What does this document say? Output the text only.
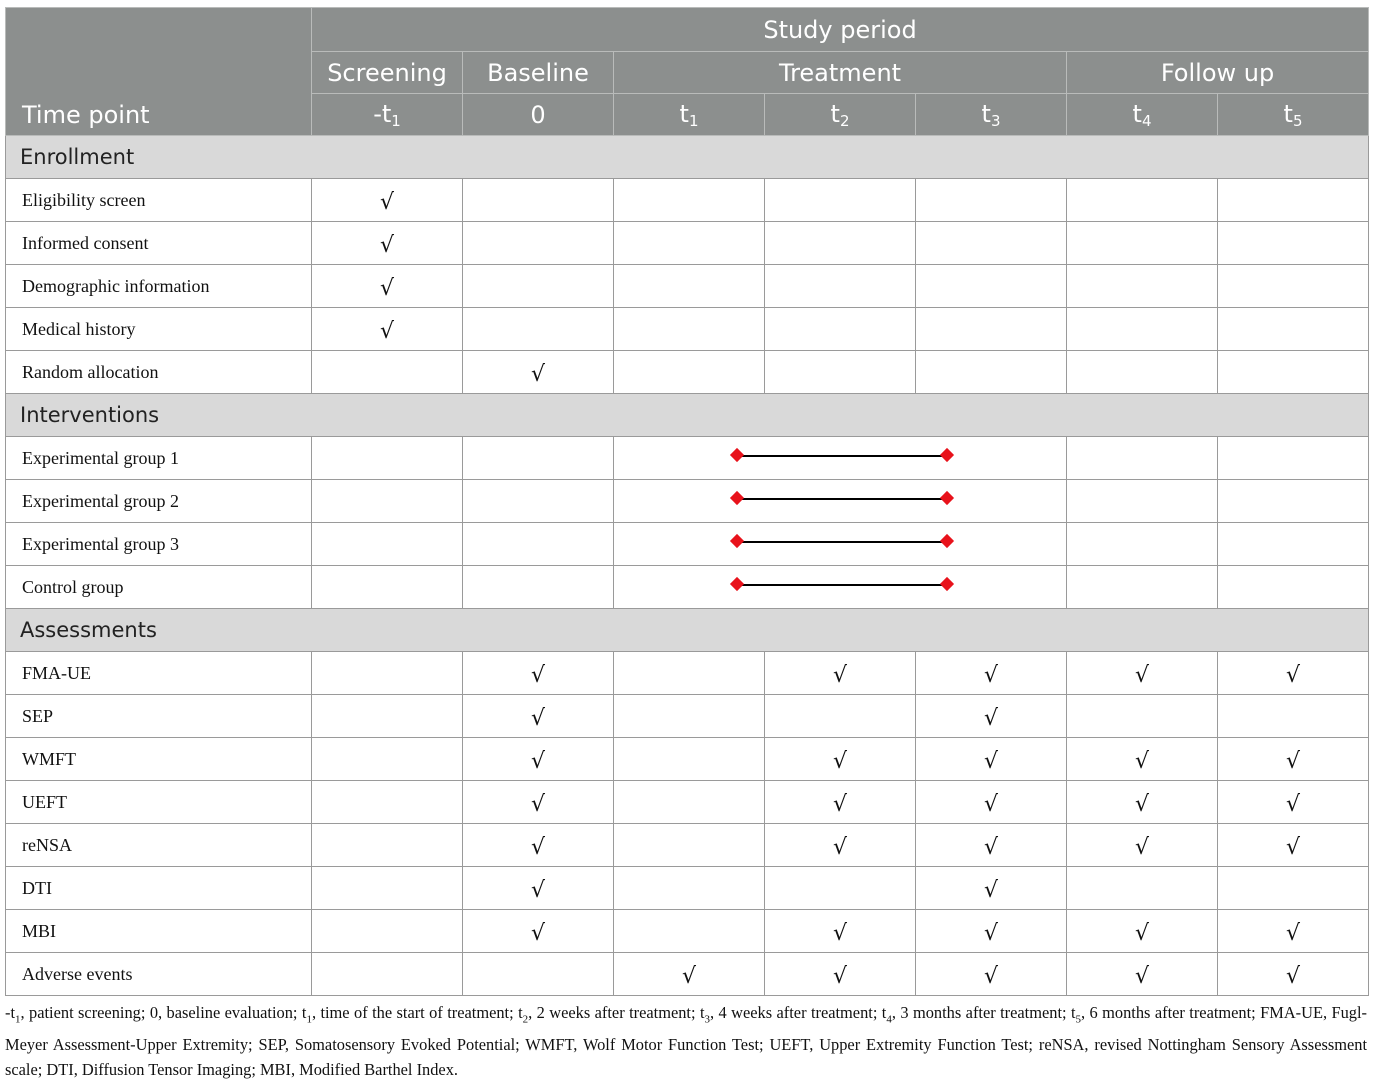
Time point	Study period						
	Screening	Baseline	Treatment			Follow up	
	$-t_1$	0	$t_1$	$t_2$	$t_3$	$t_4$	$t_5$
Enrollment							
Eligibility screen	√						
Informed consent	√						
Demographic information	√						
Medical history	√						
Random allocation		√					
Interventions							
Experimental group 1					

Experimental group 2					

Experimental group 3					

Control group					

Assessments							
FMA-UE		√		√	√	√	√
SEP		√			√		
WMFT		√		√	√	√	√
UEFT		√		√	√	√	√
reNSA		√		√	√	√	√
DTI		√			√		
MBI		√		√	√	√	√
Adverse events			√	√	√	√	√
$-t_1$, patient screening; 0, baseline evaluation; $t_1$, time of the start of treatment; $t_2$, 2 weeks after treatment; $t_3$, 4 weeks after treatment; $t_4$, 3 months after treatment; $t_5$, 6 months after treatment; FMA-UE, Fugl-Meyer Assessment-Upper Extremity; SEP, Somatosensory Evoked Potential; WMFT, Wolf Motor Function Test; UEFT, Upper Extremity Function Test; reNSA, revised Nottingham Sensory Assessment scale; DTI, Diffusion Tensor Imaging; MBI, Modified Barthel Index.
